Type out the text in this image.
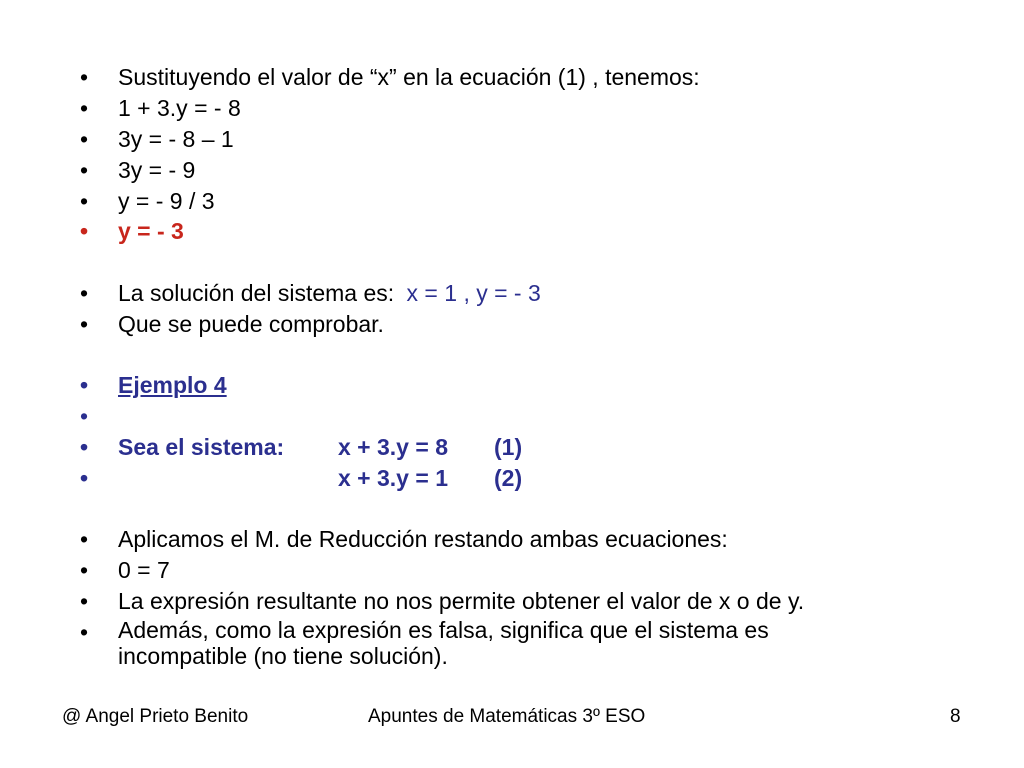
•	Sustituyendo el valor de “x” en la ecuación (1) , tenemos:
•	1 + 3.y = - 8
•	3y = - 8 – 1
•	3y = - 9
•	y = - 9 / 3
•	y = - 3
•	La solución del sistema es: x = 1 , y = - 3
•	Que se puede comprobar.
•	Ejemplo 4
•
•	Sea el sistema: x + 3.y = 8 (1)
•	x + 3.y = 1 (2)
•	Aplicamos el M. de Reducción restando ambas ecuaciones:
•	0 = 7
•	La expresión resultante no nos permite obtener el valor de x o de y.
•	Además, como la expresión es falsa, significa que el sistema es incompatible (no tiene solución).
@ Angel Prieto Benito	Apuntes de Matemáticas 3º ESO	8
